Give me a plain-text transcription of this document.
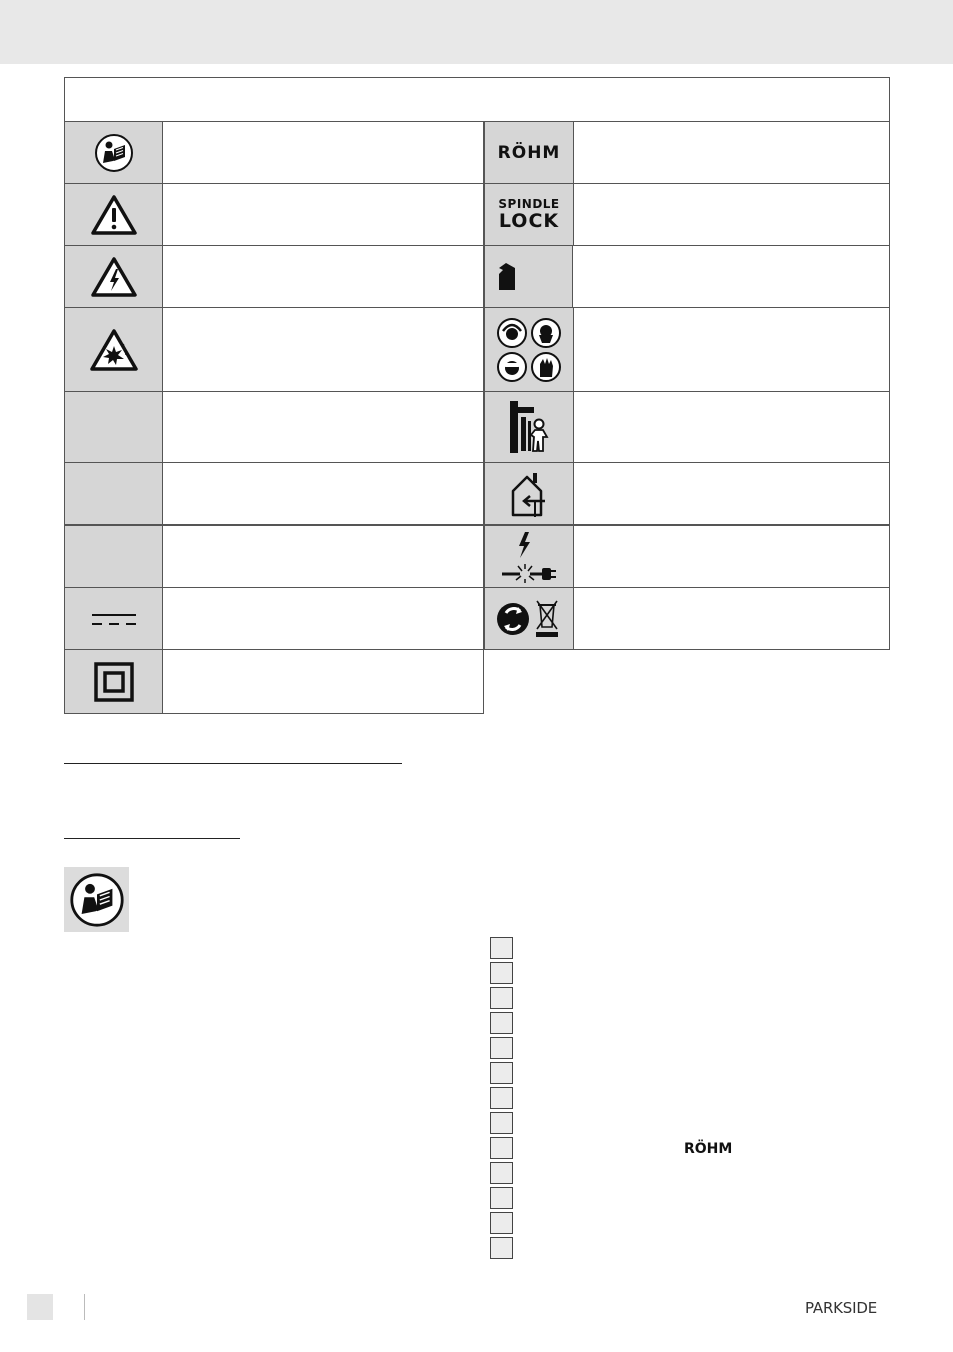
RÖHM
SPINDLE
LOCK
RÖHM
PARKSIDE
